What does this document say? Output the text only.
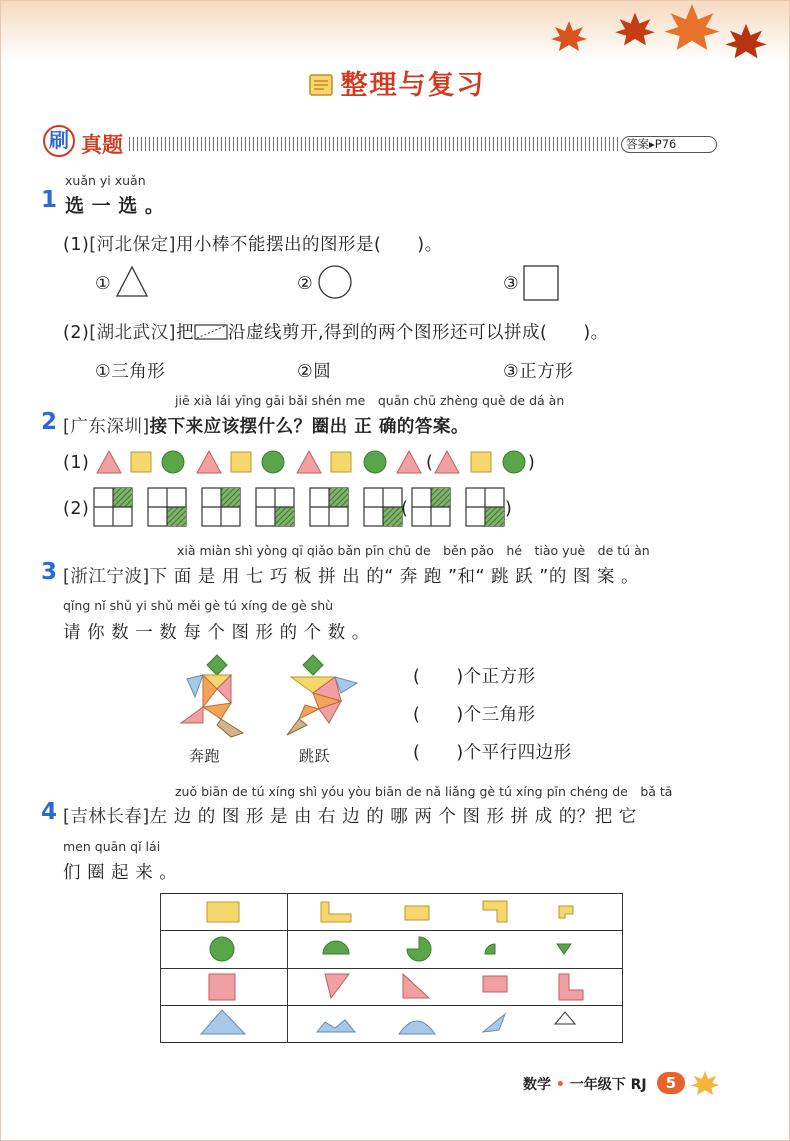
整理与复习
刷 真题	答案▸P76
xuǎn yi xuǎn
1 选 一 选 。
(1)[河北保定]用小棒不能摆出的图形是(　　)。
①	②	③
(2)[湖北武汉]把 沿虚线剪开,得到的两个图形还可以拼成(　　)。
①三角形	②圆	③正方形
jiē xià lái yīng gāi bǎi shén me　quān chū zhèng què de dá àn
2 [广东深圳]接下来应该摆什么？圈出 正 确的答案。
(1)	(	)
(2)	(	)
xià miàn shì yòng qī qiǎo bǎn pīn chū de　běn pǎo　hé　tiào yuè　de tú àn
3 [浙江宁波]下 面 是 用 七 巧 板 拼 出 的“ 奔 跑 ”和“ 跳 跃 ”的 图 案 。
qǐng nǐ shǔ yi shǔ měi gè tú xíng de gè shù
请 你 数 一 数 每 个 图 形 的 个 数 。
奔跑	跳跃
(　　)个正方形
(　　)个三角形
(　　)个平行四边形
zuǒ biān de tú xíng shì yóu yòu biān de nǎ liǎng gè tú xíng pīn chéng de　bǎ tā
4 [吉林长春]左 边 的 图 形 是 由 右 边 的 哪 两 个 图 形 拼 成 的？把 它
men quān qǐ lái
们 圈 起 来 。
数学 • 一年级下 RJ	5
